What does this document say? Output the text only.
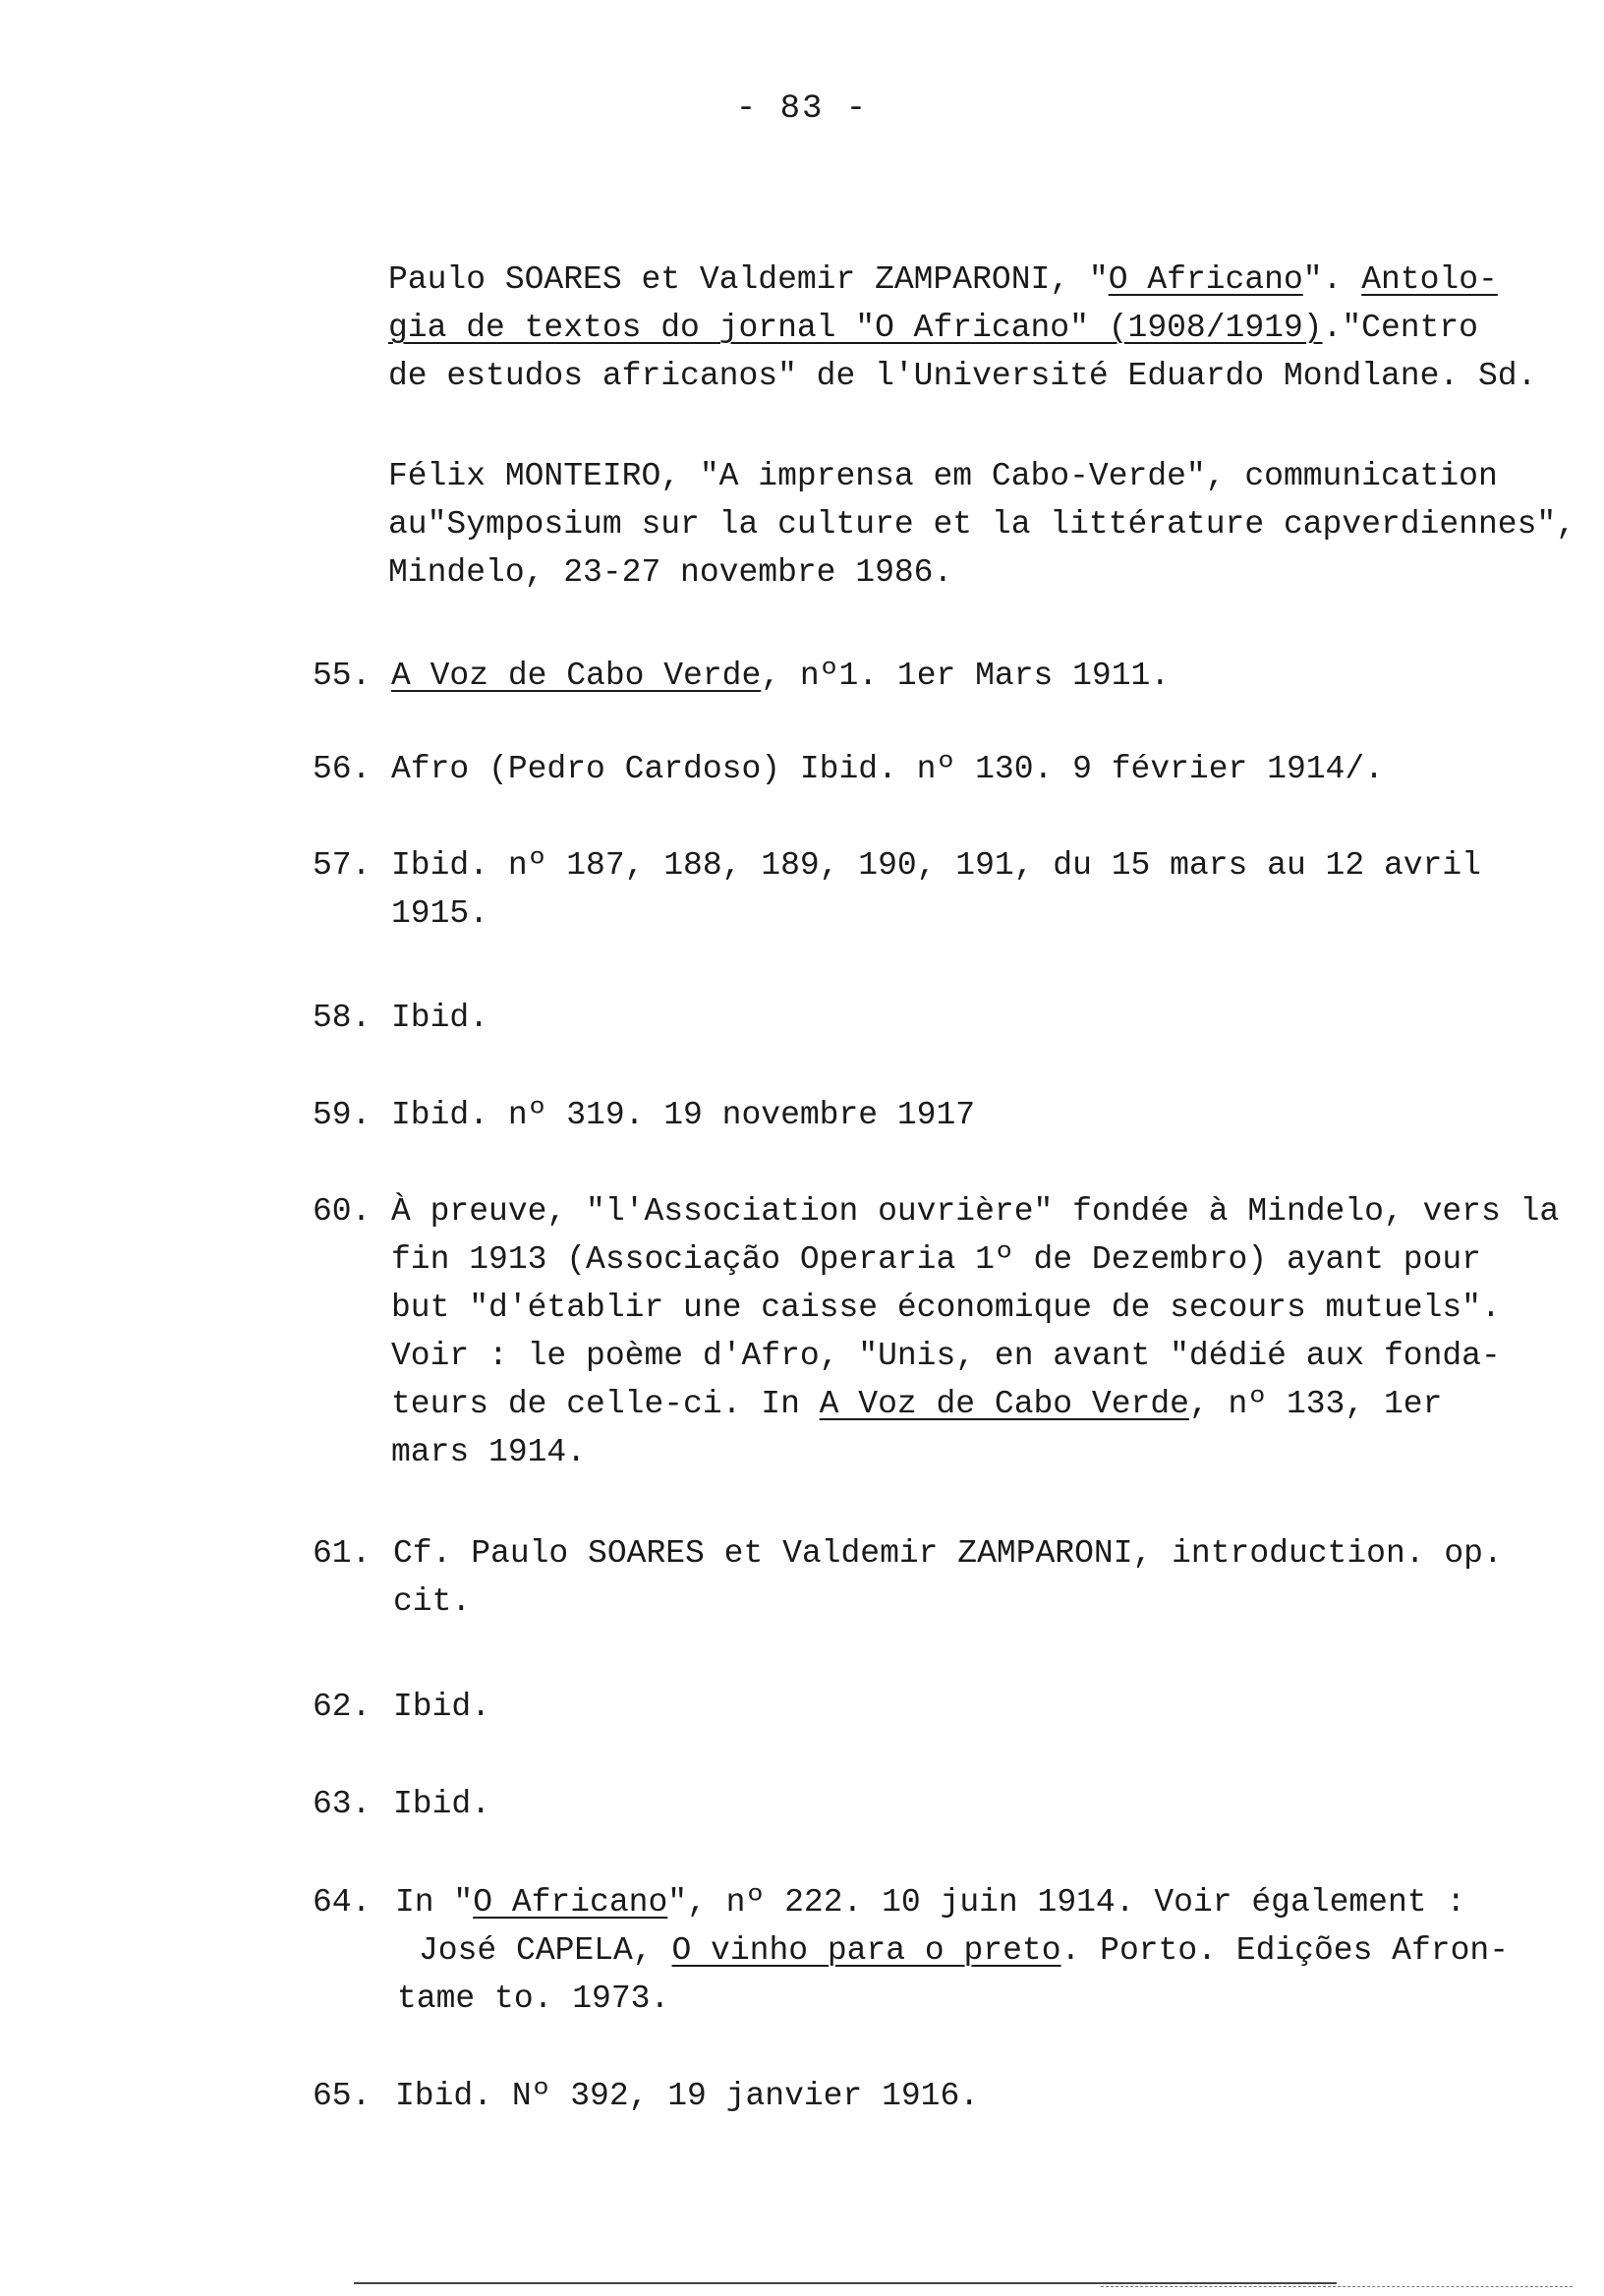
- 83 -
Paulo SOARES et Valdemir ZAMPARONI, "O Africano". Antolo-
gia de textos do jornal "O Africano" (1908/1919)."Centro
de estudos africanos" de l'Université Eduardo Mondlane. Sd.
Félix MONTEIRO, "A imprensa em Cabo-Verde", communication
au"Symposium sur la culture et la littérature capverdiennes",
Mindelo, 23-27 novembre 1986.
55. A Voz de Cabo Verde, nº1. 1er Mars 1911.
56. Afro (Pedro Cardoso) Ibid. nº 130. 9 février 1914/.
57. Ibid. nº 187, 188, 189, 190, 191, du 15 mars au 12 avril
1915.
58. Ibid.
59. Ibid. nº 319. 19 novembre 1917
60. À preuve, "l'Association ouvrière" fondée à Mindelo, vers la
fin 1913 (Associação Operaria 1º de Dezembro) ayant pour
but "d'établir une caisse économique de secours mutuels".
Voir : le poème d'Afro, "Unis, en avant "dédié aux fonda-
teurs de celle-ci. In A Voz de Cabo Verde, nº 133, 1er
mars 1914.
61. Cf. Paulo SOARES et Valdemir ZAMPARONI, introduction. op.
cit.
62. Ibid.
63. Ibid.
64. In "O Africano", nº 222. 10 juin 1914. Voir également :
José CAPELA, O vinho para o preto. Porto. Edições Afron-
tame to. 1973.
65. Ibid. Nº 392, 19 janvier 1916.
